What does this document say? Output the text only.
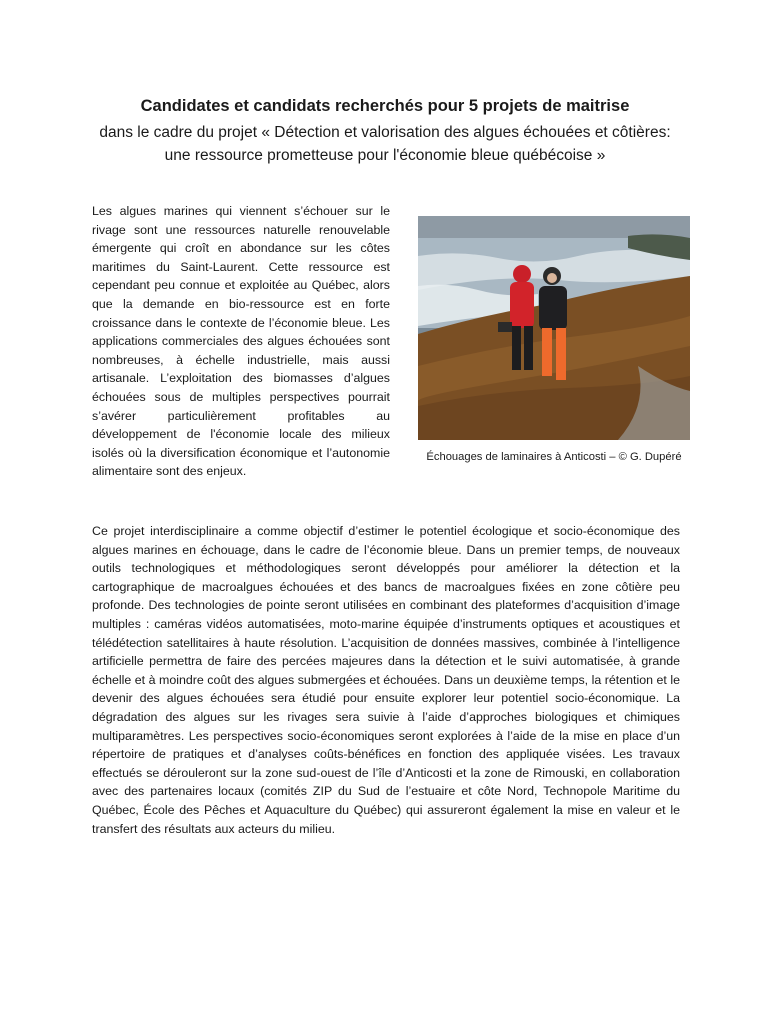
Candidates et candidats recherchés pour 5 projets de maitrise
dans le cadre du projet « Détection et valorisation des algues échouées et côtières: une ressource prometteuse pour l'économie bleue québécoise »

Les algues marines qui viennent s’échouer sur le rivage sont une ressources naturelle renouvelable émergente qui croît en abondance sur les côtes maritimes du Saint-Laurent. Cette ressource est cependant peu connue et exploitée au Québec, alors que la demande en bio-ressource est en forte croissance dans le contexte de l’économie bleue. Les applications commerciales des algues échouées sont nombreuses, à échelle industrielle, mais aussi artisanale. L’exploitation des biomasses d’algues échouées sous de multiples perspectives pourrait s’avérer particulièrement profitables au développement de l'économie locale des milieux isolés où la diversification économique et l’autonomie alimentaire sont des enjeux.

Échouages de laminaires à Anticosti – © G. Dupéré

Ce projet interdisciplinaire a comme objectif d’estimer le potentiel écologique et socio-économique des algues marines en échouage, dans le cadre de l’économie bleue. Dans un premier temps, de nouveaux outils technologiques et méthodologiques seront développés pour améliorer la détection et la cartographique de macroalgues échouées et des bancs de macroalgues fixées en zone côtière peu profonde. Des technologies de pointe seront utilisées en combinant des plateformes d’acquisition d’image multiples : caméras vidéos automatisées, moto-marine équipée d’instruments optiques et acoustiques et télédétection satellitaires à haute résolution. L’acquisition de données massives, combinée à l’intelligence artificielle permettra de faire des percées majeures dans la détection et le suivi automatisée, à grande échelle et à moindre coût des algues submergées et échouées. Dans un deuxième temps, la rétention et le devenir des algues échouées sera étudié pour ensuite explorer leur potentiel socio-économique. La dégradation des algues sur les rivages sera suivie à l’aide d’approches biologiques et chimiques multiparamètres. Les perspectives socio-économiques seront explorées à l’aide de la mise en place d’un répertoire de pratiques et d’analyses coûts-bénéfices en fonction des appliquée visées. Les travaux effectués se dérouleront sur la zone sud-ouest de l’île d’Anticosti et la zone de Rimouski, en collaboration avec des partenaires locaux (comités ZIP du Sud de l’estuaire et côte Nord, Technopole Maritime du Québec, École des Pêches et Aquaculture du Québec) qui assureront également la mise en valeur et le transfert des résultats aux acteurs du milieu.
